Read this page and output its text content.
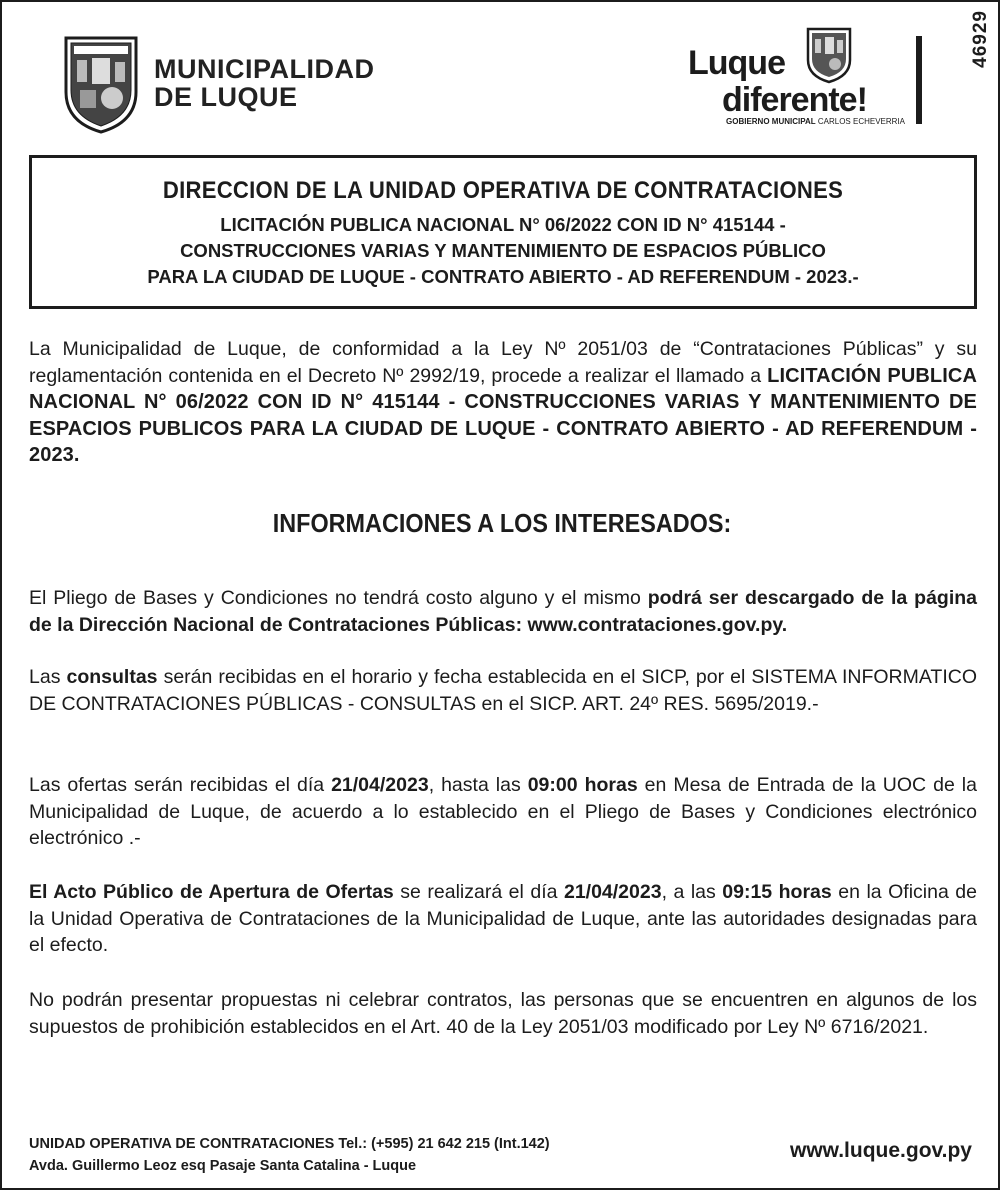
46929
MUNICIPALIDAD
DE LUQUE
Luque
diferente!
GOBIERNO MUNICIPAL CARLOS ECHEVERRIA
DIRECCION DE LA UNIDAD OPERATIVA DE CONTRATACIONES
LICITACIÓN PUBLICA NACIONAL N° 06/2022 CON ID N° 415144 -
CONSTRUCCIONES VARIAS Y MANTENIMIENTO DE ESPACIOS PÚBLICO
PARA LA CIUDAD DE LUQUE - CONTRATO ABIERTO - AD REFERENDUM - 2023.-
La Municipalidad de Luque, de conformidad a la Ley Nº 2051/03 de “Contrataciones Públicas” y su reglamentación contenida en el Decreto Nº 2992/19, procede a realizar el llamado a LICITACIÓN PUBLICA NACIONAL N° 06/2022 CON ID N° 415144 - CONSTRUCCIONES VARIAS Y MANTENIMIENTO DE ESPACIOS PUBLICOS PARA LA CIUDAD DE LUQUE - CONTRATO ABIERTO - AD REFERENDUM - 2023.
INFORMACIONES A LOS INTERESADOS:
El Pliego de Bases y Condiciones no tendrá costo alguno y el mismo podrá ser descargado de la página de la Dirección Nacional de Contrataciones Públicas: www.contrataciones.gov.py.
Las consultas serán recibidas en el horario y fecha establecida en el SICP, por el SISTEMA INFORMATICO DE CONTRATACIONES PÚBLICAS - CONSULTAS en el SICP. ART. 24º RES. 5695/2019.-
Las ofertas serán recibidas el día 21/04/2023, hasta las 09:00 horas en Mesa de Entrada de la UOC de la Municipalidad de Luque, de acuerdo a lo establecido en el Pliego de Bases y Condiciones electrónico electrónico .-
El Acto Público de Apertura de Ofertas se realizará el día 21/04/2023, a las 09:15 horas en la Oficina de la Unidad Operativa de Contrataciones de la Municipalidad de Luque, ante las autoridades designadas para el efecto.
No podrán presentar propuestas ni celebrar contratos, las personas que se encuentren en algunos de los supuestos de prohibición establecidos en el Art. 40 de la Ley 2051/03 modificado por Ley Nº 6716/2021.
UNIDAD OPERATIVA DE CONTRATACIONES Tel.: (+595) 21 642 215 (Int.142)
Avda. Guillermo Leoz esq Pasaje Santa Catalina - Luque
www.luque.gov.py
